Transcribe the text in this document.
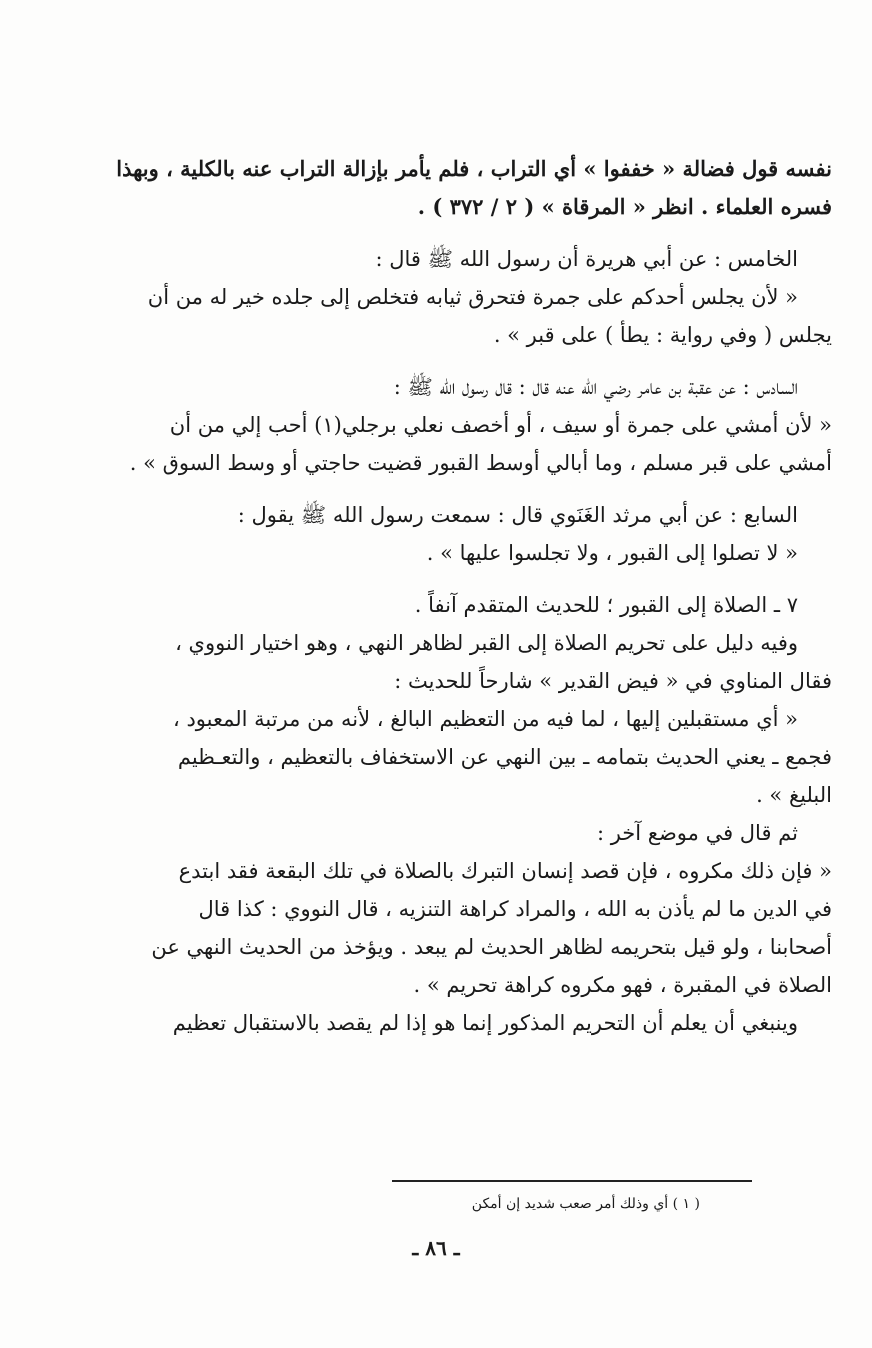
نفسه قول فضالة « خففوا » أي التراب ، فلم يأمر بإزالة التراب عنه بالكلية ، وبهذا

فسره العلماء . انظر « المرقاة » ( ٢ / ٣٧٢ ) .

الخامس : عن أبي هريرة أن رسول الله ﷺ قال :

« لأن يجلس أحدكم على جمرة فتحرق ثيابه فتخلص إلى جلده خير له من أن

يجلس ( وفي رواية : يطأ ) على قبر » .

السادس : عن عقبة بن عامر رضي الله عنه قال : قال رسول الله ﷺ :

« لأن أمشي على جمرة أو سيف ، أو أخصف نعلي برجلي(١) أحب إلي من أن

أمشي على قبر مسلم ، وما أبالي أوسط القبور قضيت حاجتي أو وسط السوق » .

السابع : عن أبي مرثد الغَنَوي قال : سمعت رسول الله ﷺ يقول :

« لا تصلوا إلى القبور ، ولا تجلسوا عليها » .

٧ ـ الصلاة إلى القبور ؛ للحديث المتقدم آنفاً .

وفيه دليل على تحريم الصلاة إلى القبر لظاهر النهي ، وهو اختيار النووي ،

فقال المناوي في « فيض القدير » شارحاً للحديث :

« أي مستقبلين إليها ، لما فيه من التعظيم البالغ ، لأنه من مرتبة المعبود ،

فجمع ـ يعني الحديث بتمامه ـ بين النهي عن الاستخفاف بالتعظيم ، والتعـظيم

البليغ » .

ثم قال في موضع آخر :

« فإن ذلك مكروه ، فإن قصد إنسان التبرك بالصلاة في تلك البقعة فقد ابتدع

في الدين ما لم يأذن به الله ، والمراد كراهة التنزيه ، قال النووي : كذا قال

أصحابنا ، ولو قيل بتحريمه لظاهر الحديث لم يبعد . ويؤخذ من الحديث النهي عن

الصلاة في المقبرة ، فهو مكروه كراهة تحريم » .

وينبغي أن يعلم أن التحريم المذكور إنما هو إذا لم يقصد بالاستقبال تعظيم

( ١ ) أي وذلك أمر صعب شديد إن أمكن
ـ ٨٦ ـ
